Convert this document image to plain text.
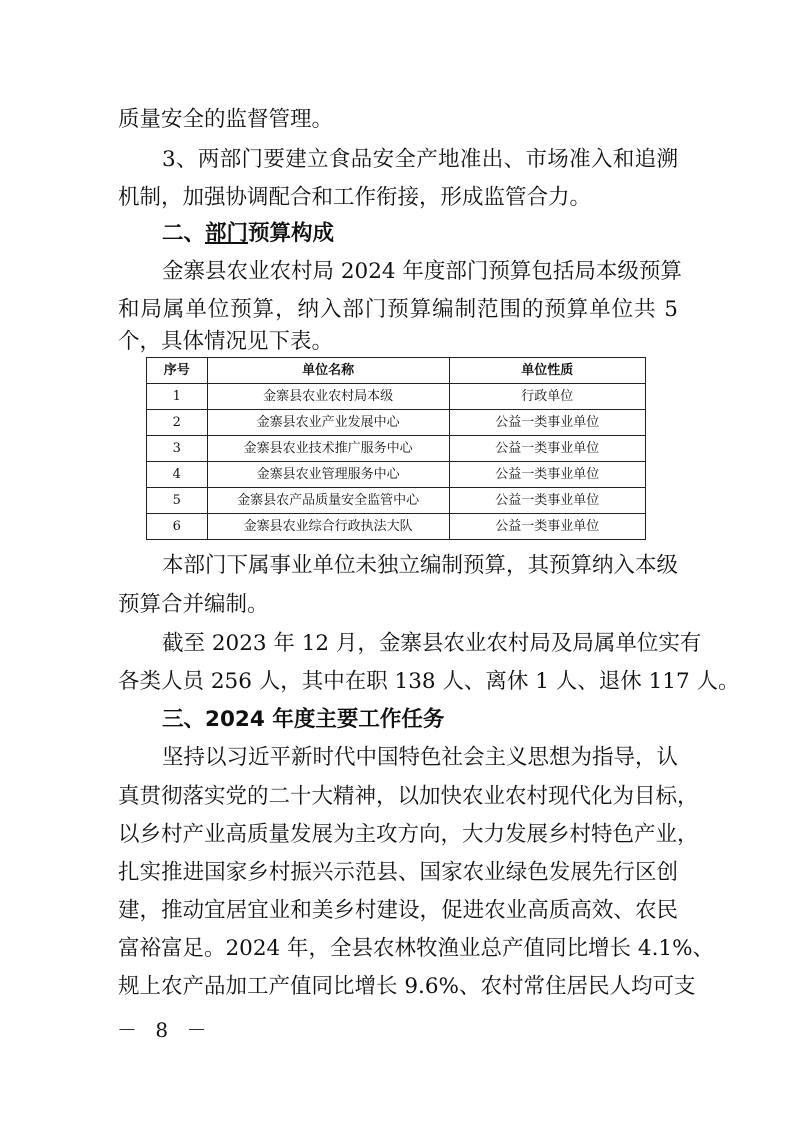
质量安全的监督管理。
3、两部门要建立食品安全产地准出、市场准入和追溯
机制，加强协调配合和工作衔接，形成监管合力。
二、部门预算构成
金寨县农业农村局 2024 年度部门预算包括局本级预算
和局属单位预算，纳入部门预算编制范围的预算单位共 5
个，具体情况见下表。
序号	单位名称	单位性质
1	金寨县农业农村局本级	行政单位
2	金寨县农业产业发展中心	公益一类事业单位
3	金寨县农业技术推广服务中心	公益一类事业单位
4	金寨县农业管理服务中心	公益一类事业单位
5	金寨县农产品质量安全监管中心	公益一类事业单位
6	金寨县农业综合行政执法大队	公益一类事业单位
本部门下属事业单位未独立编制预算，其预算纳入本级
预算合并编制。
截至 2023 年 12 月，金寨县农业农村局及局属单位实有
各类人员 256 人，其中在职 138 人、离休 1 人、退休 117 人。
三、2024 年度主要工作任务
坚持以习近平新时代中国特色社会主义思想为指导，认
真贯彻落实党的二十大精神，以加快农业农村现代化为目标，
以乡村产业高质量发展为主攻方向，大力发展乡村特色产业，
扎实推进国家乡村振兴示范县、国家农业绿色发展先行区创
建，推动宜居宜业和美乡村建设，促进农业高质高效、农民
富裕富足。2024 年，全县农林牧渔业总产值同比增长 4.1%、
规上农产品加工产值同比增长 9.6%、农村常住居民人均可支
－ 8 －
